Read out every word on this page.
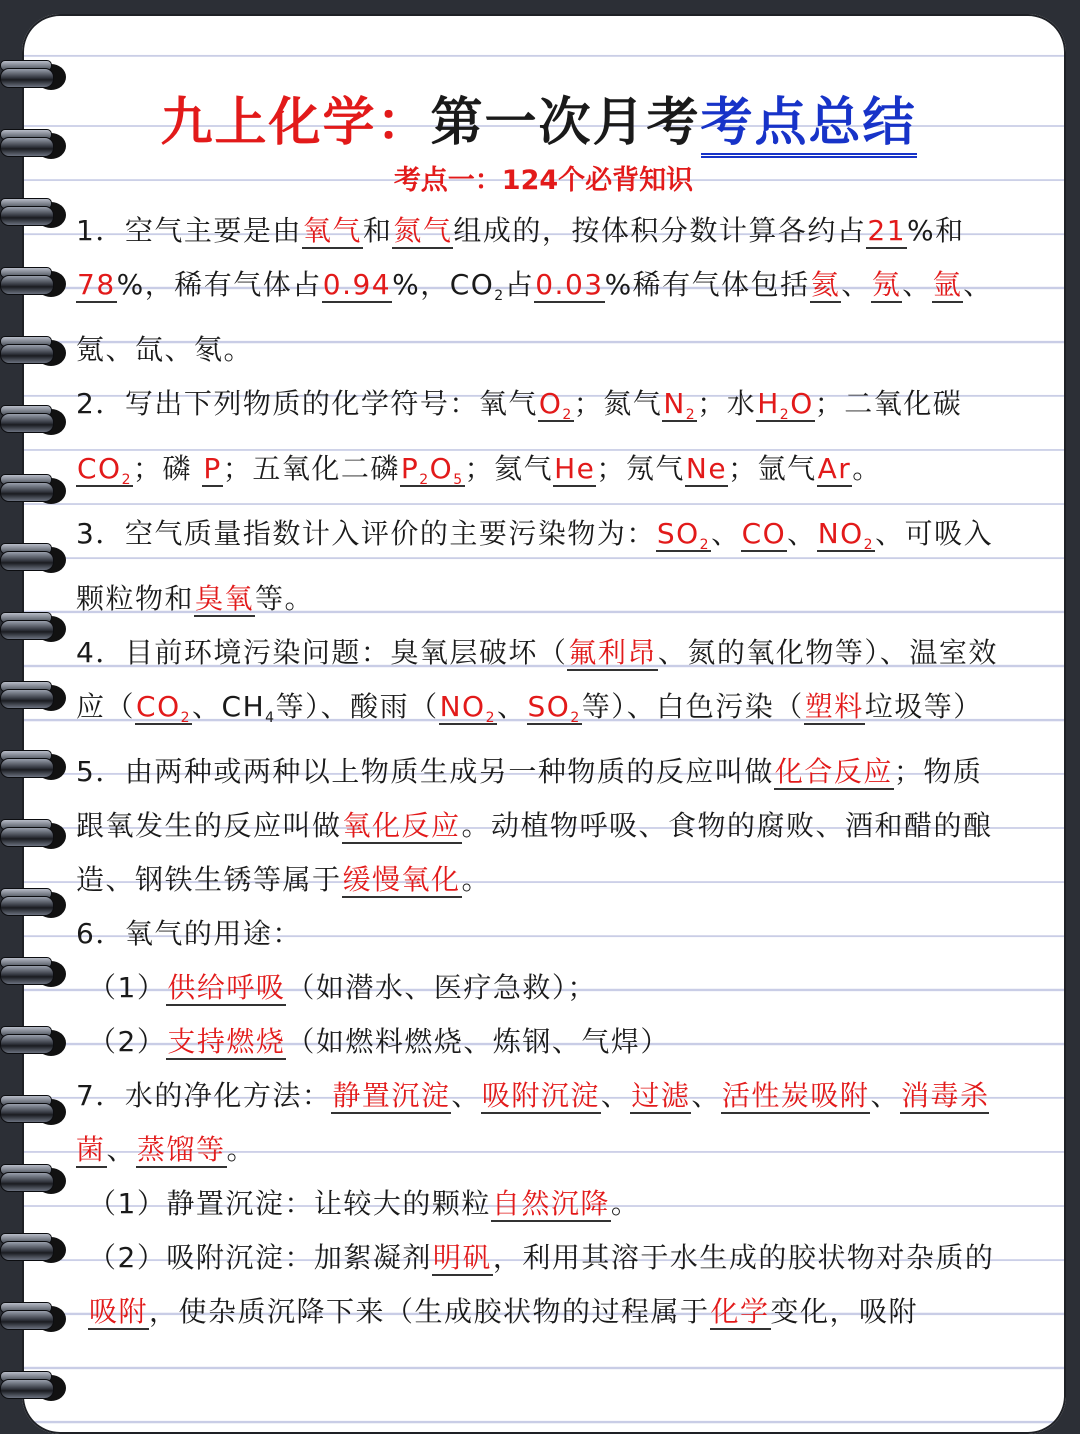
九上化学：第一次月考考点总结
考点一：124个必背知识

1．空气主要是由氧气和氮气组成的，按体积分数计算各约占21%和78%，稀有气体占0.94%，$CO_2$占0.03%稀有气体包括氦、氖、氩、氪、氙、氡。

2．写出下列物质的化学符号：氧气$O_2$；氮气$N_2$；水$H_2O$；二氧化碳$CO_2$；磷 P；五氧化二磷$P_2O_5$；氦气He；氖气Ne；氩气Ar。

3．空气质量指数计入评价的主要污染物为：$SO_2$、CO、$NO_2$、可吸入颗粒物和臭氧等。

4．目前环境污染问题：臭氧层破坏（氟利昂、氮的氧化物等）、温室效应（$CO_2$、$CH_4$等）、酸雨（$NO_2$、$SO_2$等）、白色污染（塑料垃圾等）

5．由两种或两种以上物质生成另一种物质的反应叫做化合反应；物质跟氧发生的反应叫做氧化反应。动植物呼吸、食物的腐败、酒和醋的酿造、钢铁生锈等属于缓慢氧化。

6．氧气的用途：

（1）供给呼吸（如潜水、医疗急救）；

（2）支持燃烧（如燃料燃烧、炼钢、气焊）

7．水的净化方法：静置沉淀、吸附沉淀、过滤、活性炭吸附、消毒杀菌、蒸馏等。

（1）静置沉淀：让较大的颗粒自然沉降。

（2）吸附沉淀：加絮凝剂明矾，利用其溶于水生成的胶状物对杂质的吸附，使杂质沉降下来（生成胶状物的过程属于化学变化，吸附
